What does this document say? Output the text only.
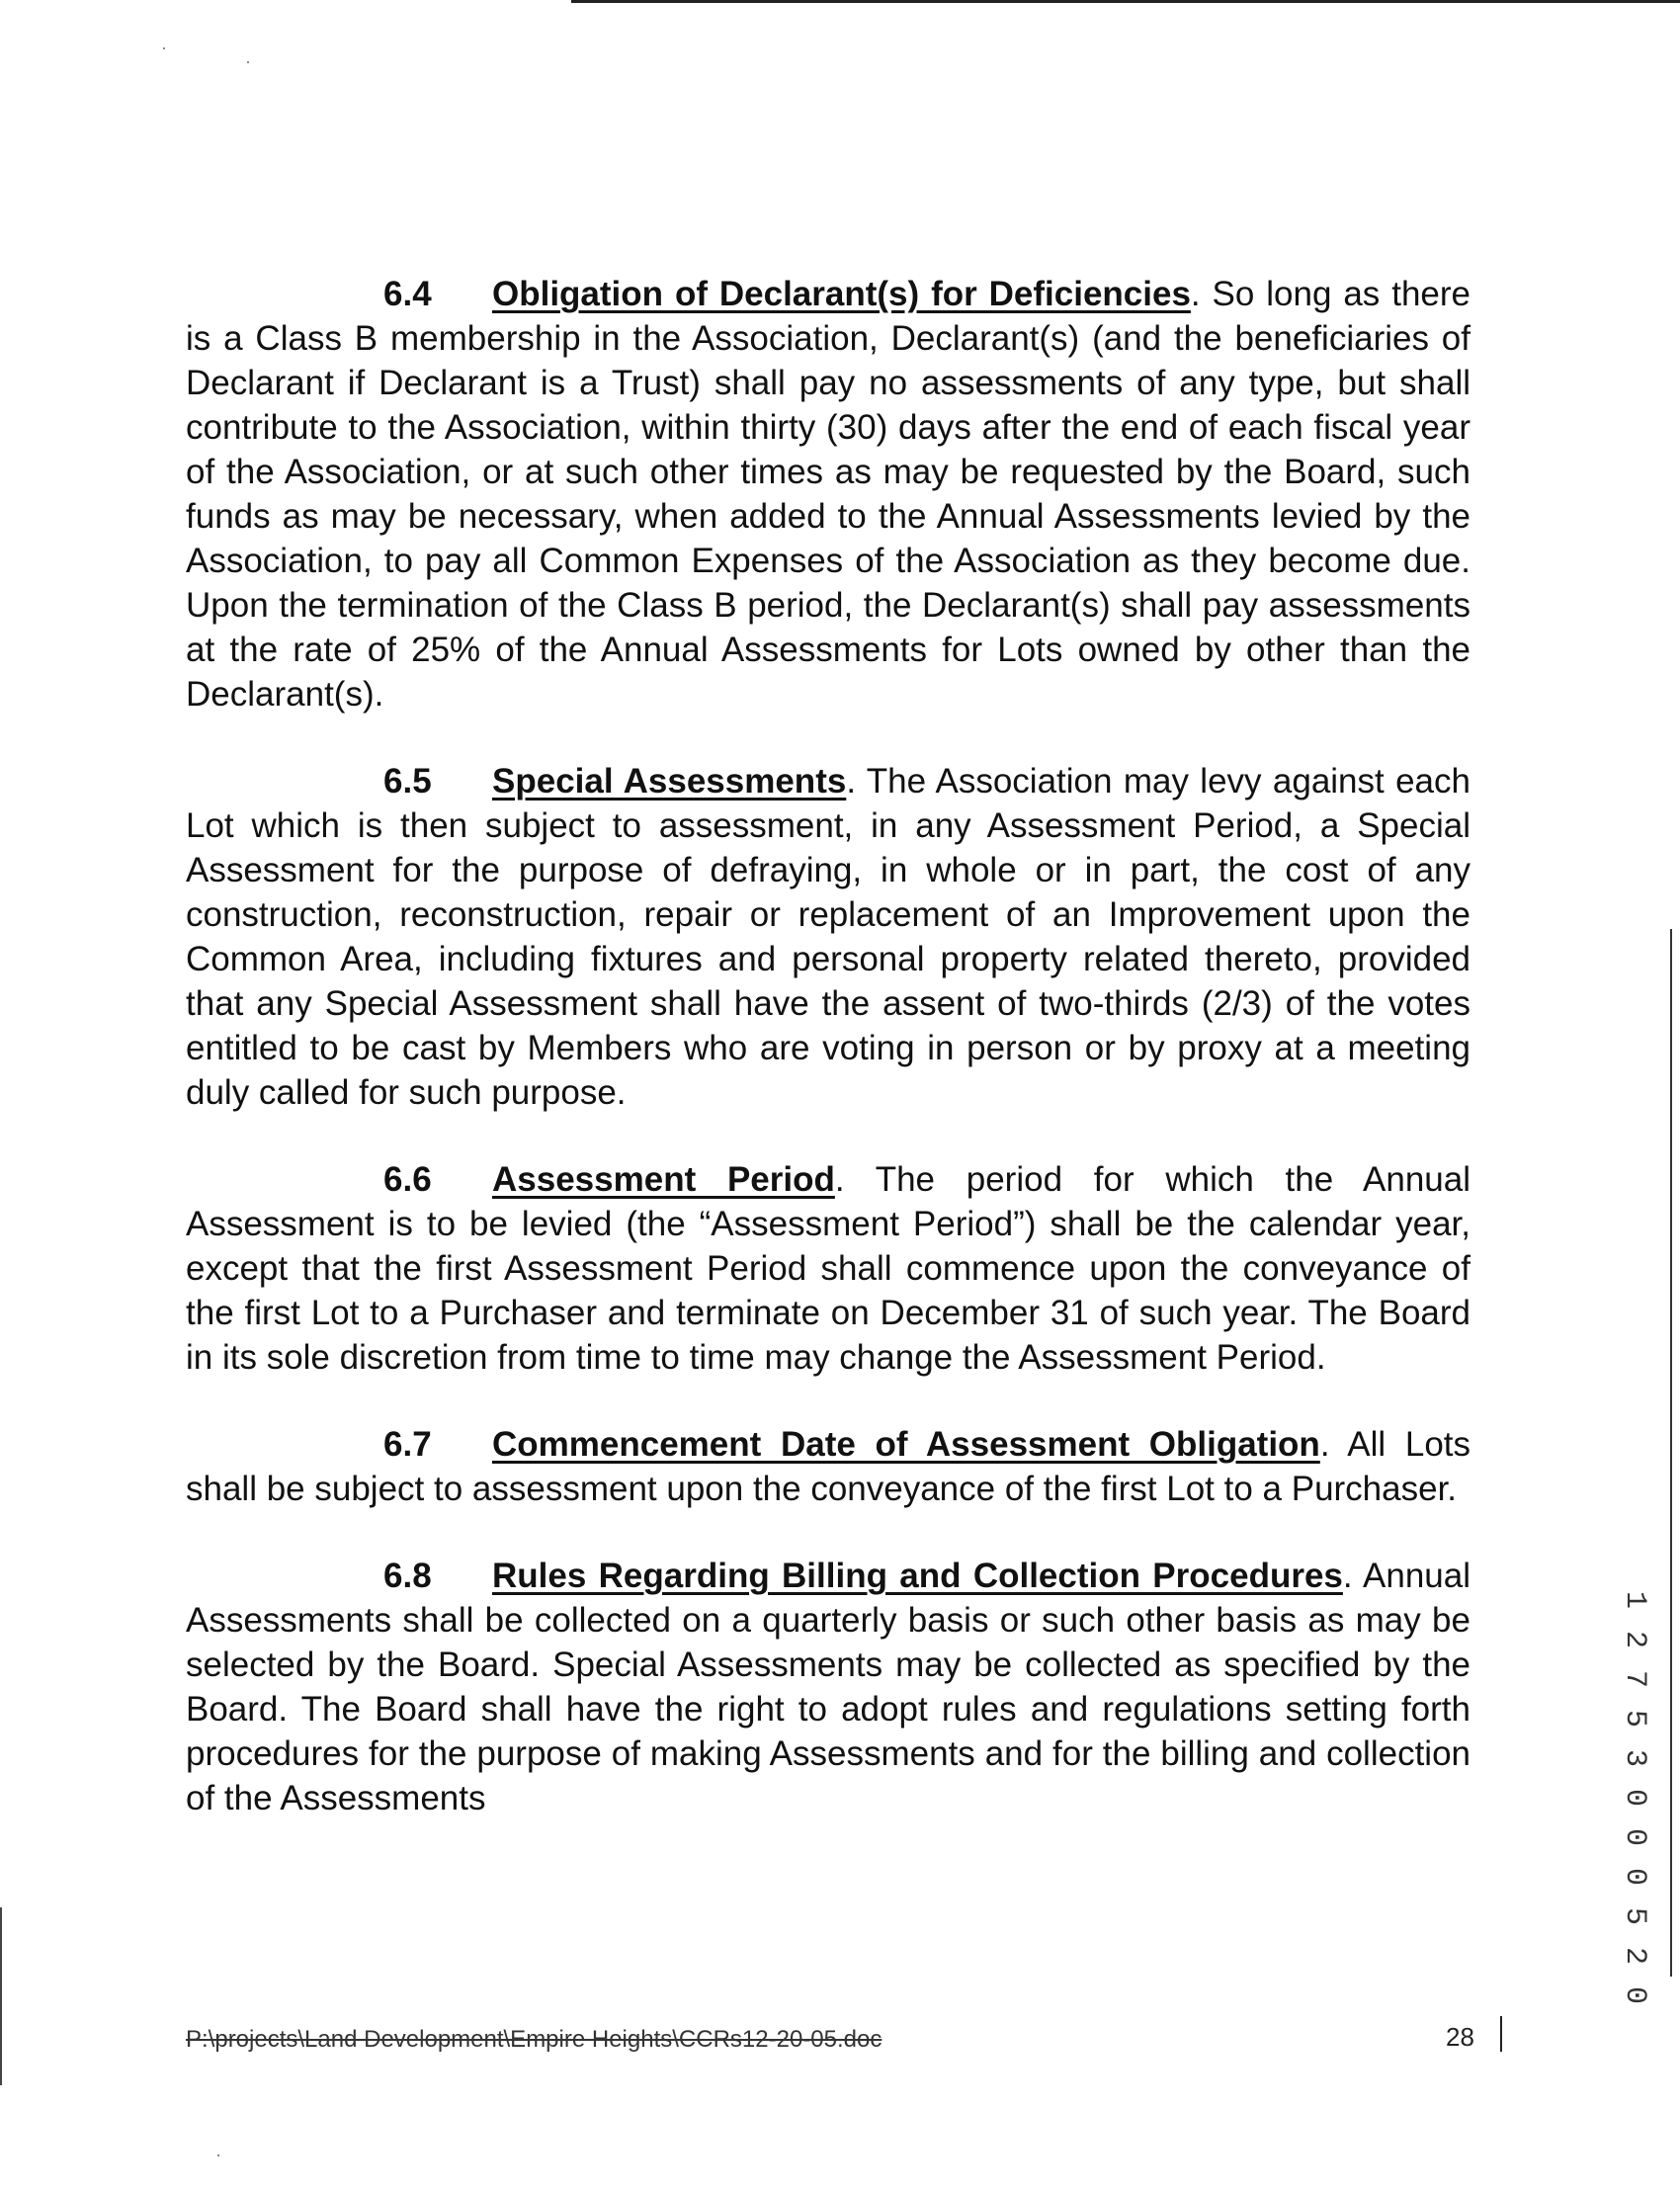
6.4 Obligation of Declarant(s) for Deficiencies. So long as there is a Class B membership in the Association, Declarant(s) (and the beneficiaries of Declarant if Declarant is a Trust) shall pay no assessments of any type, but shall contribute to the Association, within thirty (30) days after the end of each fiscal year of the Association, or at such other times as may be requested by the Board, such funds as may be necessary, when added to the Annual Assessments levied by the Association, to pay all Common Expenses of the Association as they become due. Upon the termination of the Class B period, the Declarant(s) shall pay assessments at the rate of 25% of the Annual Assessments for Lots owned by other than the Declarant(s).

6.5 Special Assessments. The Association may levy against each Lot which is then subject to assessment, in any Assessment Period, a Special Assessment for the purpose of defraying, in whole or in part, the cost of any construction, reconstruction, repair or replacement of an Improvement upon the Common Area, including fixtures and personal property related thereto, provided that any Special Assessment shall have the assent of two-thirds (2/3) of the votes entitled to be cast by Members who are voting in person or by proxy at a meeting duly called for such purpose.

6.6 Assessment Period. The period for which the Annual Assessment is to be levied (the “Assessment Period”) shall be the calendar year, except that the first Assessment Period shall commence upon the conveyance of the first Lot to a Purchaser and terminate on December 31 of such year. The Board in its sole discretion from time to time may change the Assessment Period.

6.7 Commencement Date of Assessment Obligation. All Lots shall be subject to assessment upon the conveyance of the first Lot to a Purchaser.

6.8 Rules Regarding Billing and Collection Procedures. Annual Assessments shall be collected on a quarterly basis or such other basis as may be selected by the Board. Special Assessments may be collected as specified by the Board. The Board shall have the right to adopt rules and regulations setting forth procedures for the purpose of making Assessments and for the billing and collection of the Assessments	1 2 7 5 3 0 0 0 5 2 0
P:\projects\Land Development\Empire Heights\CCRs12-20-05.doc	28
